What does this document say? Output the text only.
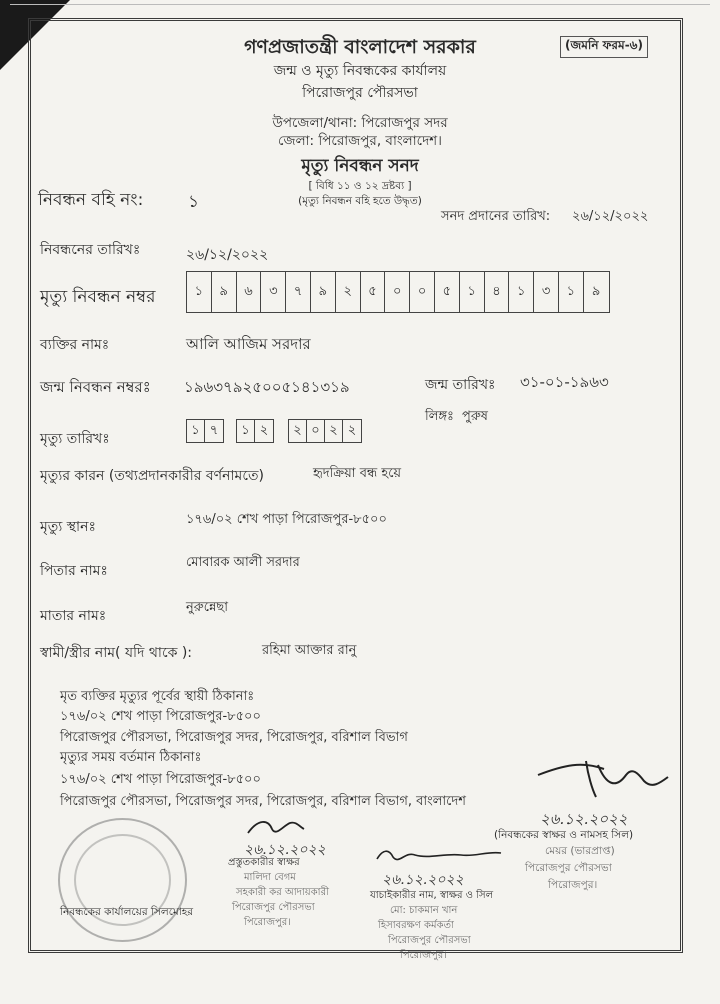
গণপ্রজাতন্ত্রী বাংলাদেশ সরকার	(জমনি ফরম-৬)
জন্ম ও মৃত্যু নিবন্ধকের কার্যালয়
পিরোজপুর পৌরসভা
উপজেলা/থানা: পিরোজপুর সদর
জেলা: পিরোজপুর, বাংলাদেশ।
মৃত্যু নিবন্ধন সনদ
[ বিধি ১১ ও ১২ দ্রষ্টব্য ]
(মৃত্যু নিবন্ধন বহি হতে উদ্ধৃত)
নিবন্ধন বহি নং:	১
সনদ প্রদানের তারিখ: ২৬/১২/২০২২
নিবন্ধনের তারিখঃ	২৬/১২/২০২২
মৃত্যু নিবন্ধন নম্বর	১	৯	৬	৩	৭	৯	২	৫	০	০	৫	১	৪	১	৩	১	৯
ব্যক্তির নামঃ	আলি আজিম সরদার
জন্ম নিবন্ধন নম্বরঃ ১৯৬৩৭৯২৫০০৫১৪১৩১৯	জন্ম তারিখঃ ৩১-০১-১৯৬৩
লিঙ্গঃ পুরুষ
মৃত্যু তারিখঃ
১ ৭	১ ২	২ ০ ২ ২
মৃত্যুর কারন (তথ্যপ্রদানকারীর বর্ণনামতে)	হৃদক্রিয়া বন্ধ হয়ে
মৃত্যু স্থানঃ	১৭৬/০২ শেখ পাড়া পিরোজপুর-৮৫০০
পিতার নামঃ
মোবারক আলী সরদার
মাতার নামঃ
নুরুন্নেছা
স্বামী/স্ত্রীর নাম( যদি থাকে ):	রহিমা আক্তার রানু
মৃত ব্যক্তির মৃত্যুর পূর্বের স্থায়ী ঠিকানাঃ
১৭৬/০২ শেখ পাড়া পিরোজপুর-৮৫০০
পিরোজপুর পৌরসভা, পিরোজপুর সদর, পিরোজপুর, বরিশাল বিভাগ
মৃত্যুর সময় বর্তমান ঠিকানাঃ
১৭৬/০২ শেখ পাড়া পিরোজপুর-৮৫০০
পিরোজপুর পৌরসভা, পিরোজপুর সদর, পিরোজপুর, বরিশাল বিভাগ, বাংলাদেশ
২৬.১২.২০২২
(নিবন্ধকের স্বাক্ষর ও নামসহ সিল)
মেয়র (ভারপ্রাপ্ত)
পিরোজপুর পৌরসভা
পিরোজপুর।
২৬.১২.২০২২
প্রস্তুতকারীর স্বাক্ষর
মালিদা বেগম
সহকারী কর আদায়কারী
পিরোজপুর পৌরসভা
পিরোজপুর।
২৬.১২.২০২২
যাচাইকারীর নাম, স্বাক্ষর ও সিল
মো: চাকমান খান
হিসাবরক্ষণ কর্মকর্তা
পিরোজপুর পৌরসভা
পিরোজপুর।
নিবন্ধকের কার্যালয়ের সিলমোহর
